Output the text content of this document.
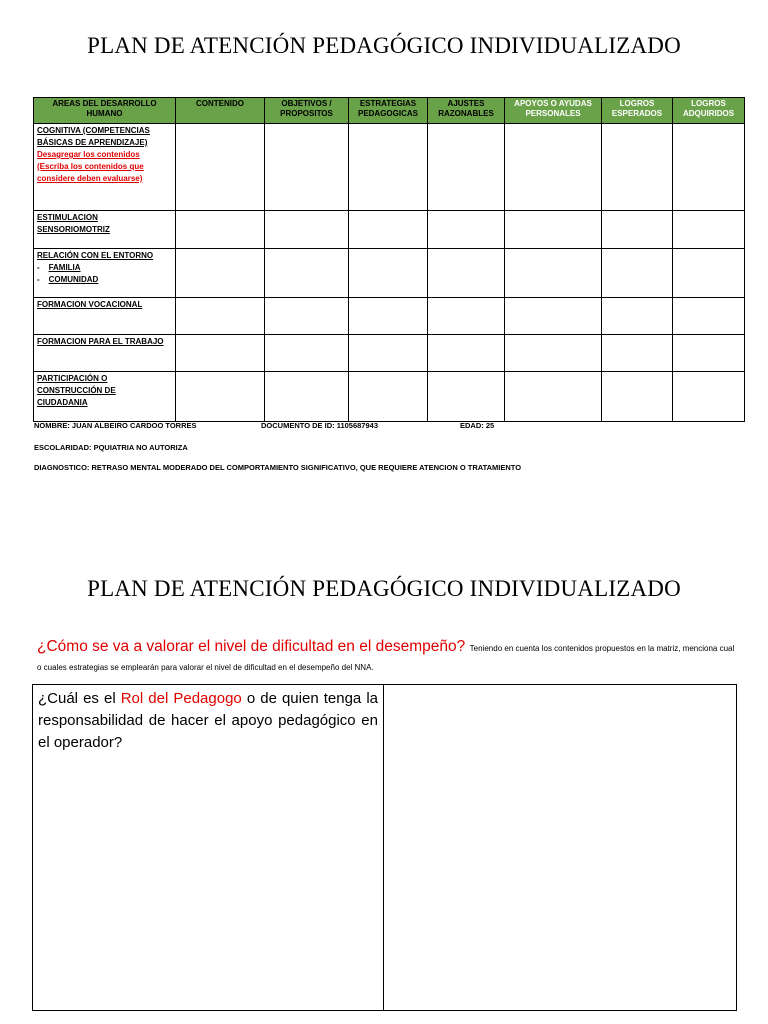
PLAN DE ATENCIÓN PEDAGÓGICO INDIVIDUALIZADO
AREAS DEL DESARROLLO HUMANO	CONTENIDO	OBJETIVOS / PROPOSITOS	ESTRATEGIAS PEDAGOGICAS	AJUSTES RAZONABLES	APOYOS O AYUDAS PERSONALES	LOGROS ESPERADOS	LOGROS ADQUIRIDOS

COGNITIVA (COMPETENCIAS
BÁSICAS DE APRENDIZAJE)
Desagregar los contenidos
(Escriba los contenidos que
considere deben evaluarse)							

ESTIMULACION
SENSORIOMOTRIZ							

RELACIÓN CON EL ENTORNO
-    FAMILIA
-    COMUNIDAD							

FORMACION VOCACIONAL							

FORMACION PARA EL TRABAJO							

PARTICIPACIÓN O
CONSTRUCCIÓN DE
CIUDADANIA							

NOMBRE: JUAN ALBEIRO CARDOO TORRES	DOCUMENTO DE ID: 1105687943	EDAD: 25
ESCOLARIDAD: PQUIATRIA NO AUTORIZA
DIAGNOSTICO: RETRASO MENTAL MODERADO DEL COMPORTAMIENTO SIGNIFICATIVO, QUE REQUIERE ATENCION O TRATAMIENTO
PLAN DE ATENCIÓN PEDAGÓGICO INDIVIDUALIZADO
¿Cómo se va a valorar el nivel de dificultad en el desempeño? Teniendo en cuenta los contenidos propuestos en la matriz, menciona cual o cuales estrategias se emplearán para valorar el nivel de dificultad en el desempeño del NNA.
¿Cuál es el Rol del Pedagogo o de quien tenga la responsabilidad de hacer el apoyo pedagógico en el operador?
